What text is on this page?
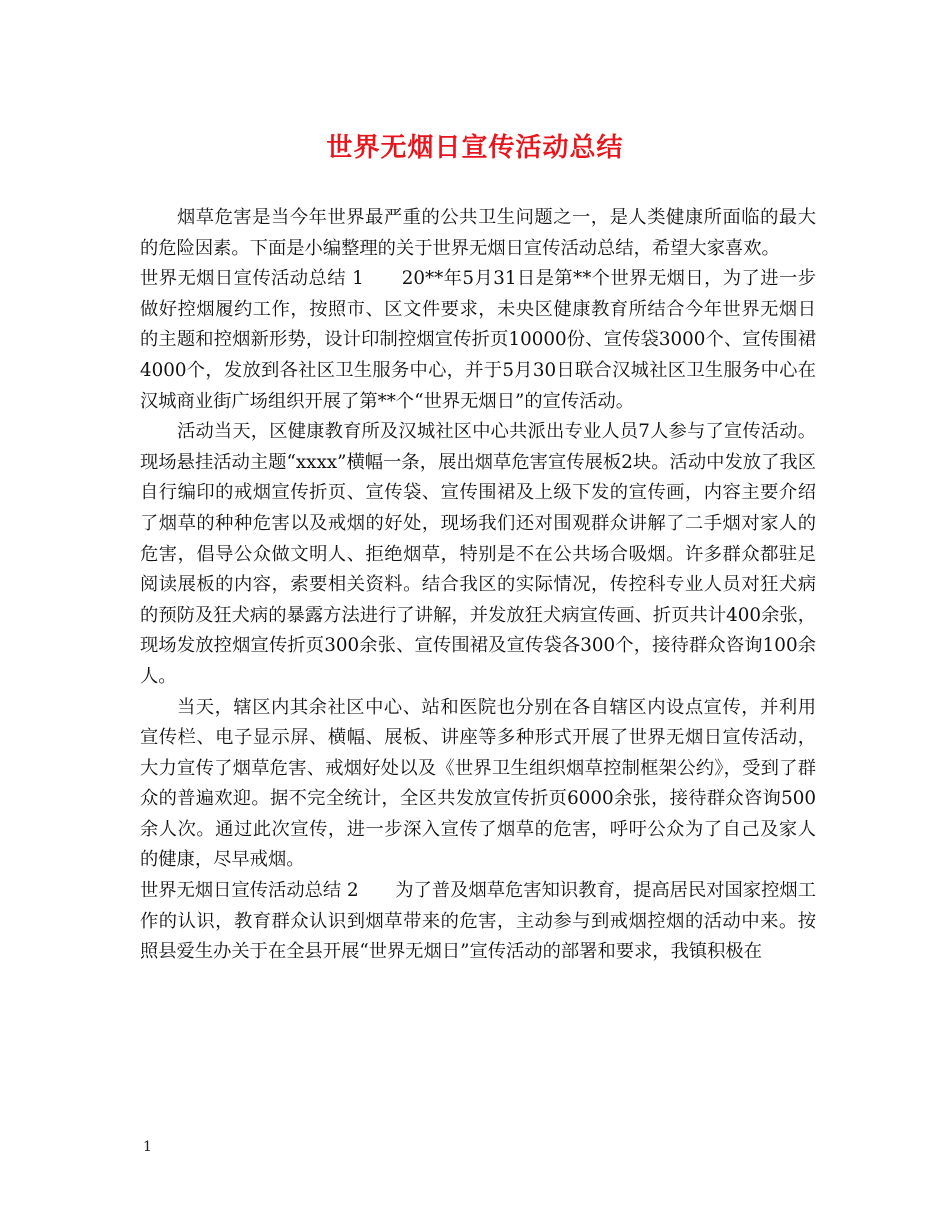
世界无烟日宣传活动总结

烟草危害是当今年世界最严重的公共卫生问题之一，是人类健康所面临的最大的危险因素。下面是小编整理的关于世界无烟日宣传活动总结，希望大家喜欢。

世界无烟日宣传活动总结 1　　20**年5月31日是第**个世界无烟日，为了进一步做好控烟履约工作，按照市、区文件要求，未央区健康教育所结合今年世界无烟日的主题和控烟新形势，设计印制控烟宣传折页10000份、宣传袋3000个、宣传围裙4000个，发放到各社区卫生服务中心，并于5月30日联合汉城社区卫生服务中心在汉城商业街广场组织开展了第**个“世界无烟日”的宣传活动。

活动当天，区健康教育所及汉城社区中心共派出专业人员7人参与了宣传活动。现场悬挂活动主题“xxxx”横幅一条，展出烟草危害宣传展板2块。活动中发放了我区自行编印的戒烟宣传折页、宣传袋、宣传围裙及上级下发的宣传画，内容主要介绍了烟草的种种危害以及戒烟的好处，现场我们还对围观群众讲解了二手烟对家人的危害，倡导公众做文明人、拒绝烟草，特别是不在公共场合吸烟。许多群众都驻足阅读展板的内容，索要相关资料。结合我区的实际情况，传控科专业人员对狂犬病的预防及狂犬病的暴露方法进行了讲解，并发放狂犬病宣传画、折页共计400余张，现场发放控烟宣传折页300余张、宣传围裙及宣传袋各300个，接待群众咨询100余人。

当天，辖区内其余社区中心、站和医院也分别在各自辖区内设点宣传，并利用宣传栏、电子显示屏、横幅、展板、讲座等多种形式开展了世界无烟日宣传活动，大力宣传了烟草危害、戒烟好处以及《世界卫生组织烟草控制框架公约》，受到了群众的普遍欢迎。据不完全统计，全区共发放宣传折页6000余张，接待群众咨询500余人次。通过此次宣传，进一步深入宣传了烟草的危害，呼吁公众为了自己及家人的健康，尽早戒烟。

世界无烟日宣传活动总结 2　　为了普及烟草危害知识教育，提高居民对国家控烟工作的认识，教育群众认识到烟草带来的危害，主动参与到戒烟控烟的活动中来。按照县爱生办关于在全县开展“世界无烟日”宣传活动的部署和要求，我镇积极在

1
